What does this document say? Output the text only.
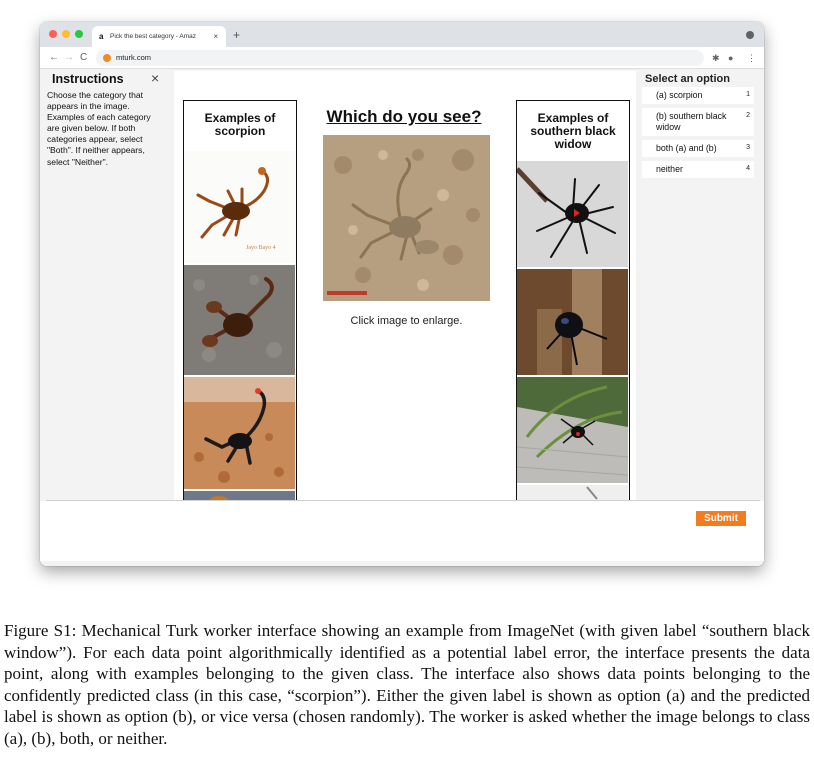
a Pick the best category - Amaz	× +
← → C	mturk.com	✱ ● ⋮
Instructions ×
Choose the category that appears in the image. Examples of each category are given below. If both categories appear, select "Both". If neither appears, select "Neither".
Examples of scorpion
Jayo Bayo 4
Which do you see?
Click image to enlarge.
Examples of southern black widow
Select an option
(a) scorpion	1
(b) southern black widow
2
both (a) and (b)	3
neither	4
Submit
Figure S1: Mechanical Turk worker interface showing an example from ImageNet (with given label “southern black window”). For each data point algorithmically identified as a potential label error, the interface presents the data point, along with examples belonging to the given class. The interface also shows data points belonging to the confidently predicted class (in this case, “scorpion”). Either the given label is shown as option (a) and the predicted label is shown as option (b), or vice versa (chosen randomly). The worker is asked whether the image belongs to class (a), (b), both, or neither.
